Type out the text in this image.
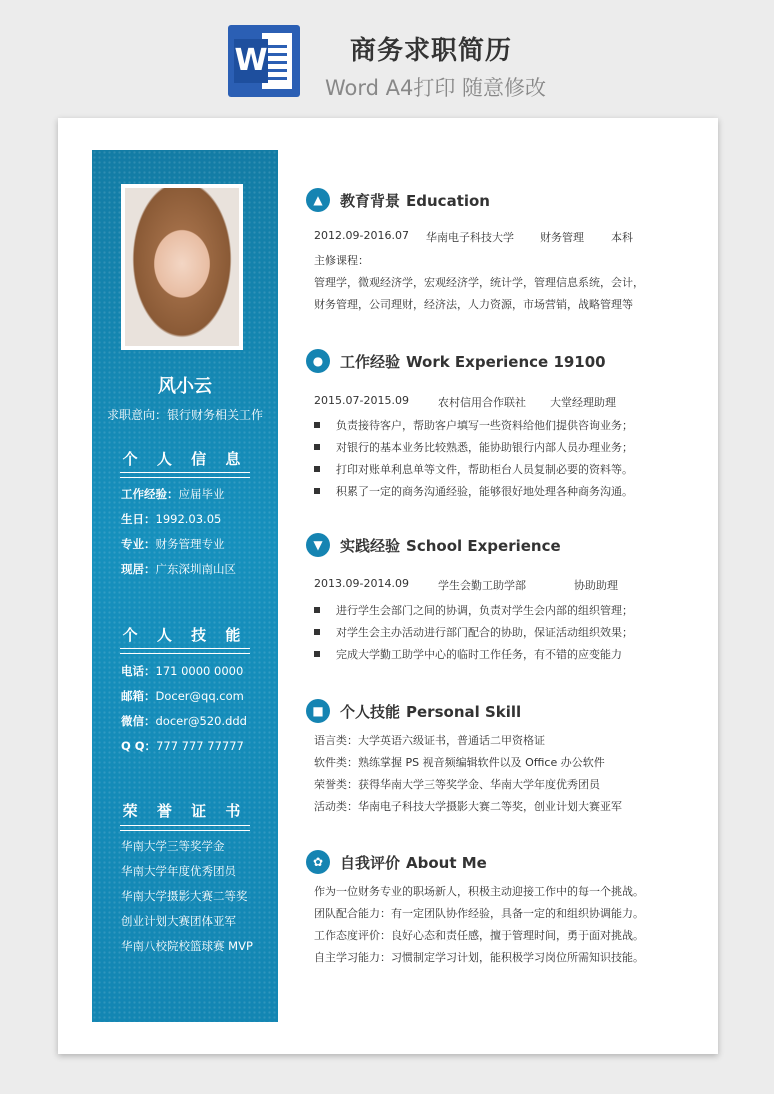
W	商务求职简历
Word A4打印 随意修改
风小云
求职意向：银行财务相关工作
个 人 信 息
工作经验：应届毕业
生日：1992.03.05
专业：财务管理专业
现居：广东深圳南山区
个 人 技 能
电话：171 0000 0000
邮箱：Docer@qq.com
微信：docer@520.ddd
Q Q：777 777 77777
荣 誉 证 书
华南大学三等奖学金
华南大学年度优秀团员
华南大学摄影大赛二等奖
创业计划大赛团体亚军
华南八校院校篮球赛 MVP
▲	教育背景 Education
2012.09-2016.07 华南电子科技大学 财务管理 本科
主修课程：
管理学，微观经济学，宏观经济学，统计学，管理信息系统，会计，
财务管理，公司理财，经济法，人力资源，市场营销，战略管理等
●	工作经验 Work Experience 19100
2015.07-2015.09	农村信用合作联社 大堂经理助理
负责接待客户，帮助客户填写一些资料给他们提供咨询业务；
对银行的基本业务比较熟悉，能协助银行内部人员办理业务；
打印对账单利息单等文件，帮助柜台人员复制必要的资料等。
积累了一定的商务沟通经验，能够很好地处理各种商务沟通。
▼	实践经验 School Experience
2013.09-2014.09	学生会勤工助学部	协助助理
进行学生会部门之间的协调，负责对学生会内部的组织管理；
对学生会主办活动进行部门配合的协助，保证活动组织效果；
完成大学勤工助学中心的临时工作任务，有不错的应变能力
■	个人技能 Personal Skill
语言类：大学英语六级证书，普通话二甲资格证
软件类：熟练掌握 PS 视音频编辑软件以及 Office 办公软件
荣誉类：获得华南大学三等奖学金、华南大学年度优秀团员
活动类：华南电子科技大学摄影大赛二等奖，创业计划大赛亚军
✿	自我评价 About Me
作为一位财务专业的职场新人，积极主动迎接工作中的每一个挑战。
团队配合能力：有一定团队协作经验，具备一定的和组织协调能力。
工作态度评价：良好心态和责任感，擅于管理时间，勇于面对挑战。
自主学习能力：习惯制定学习计划，能积极学习岗位所需知识技能。
